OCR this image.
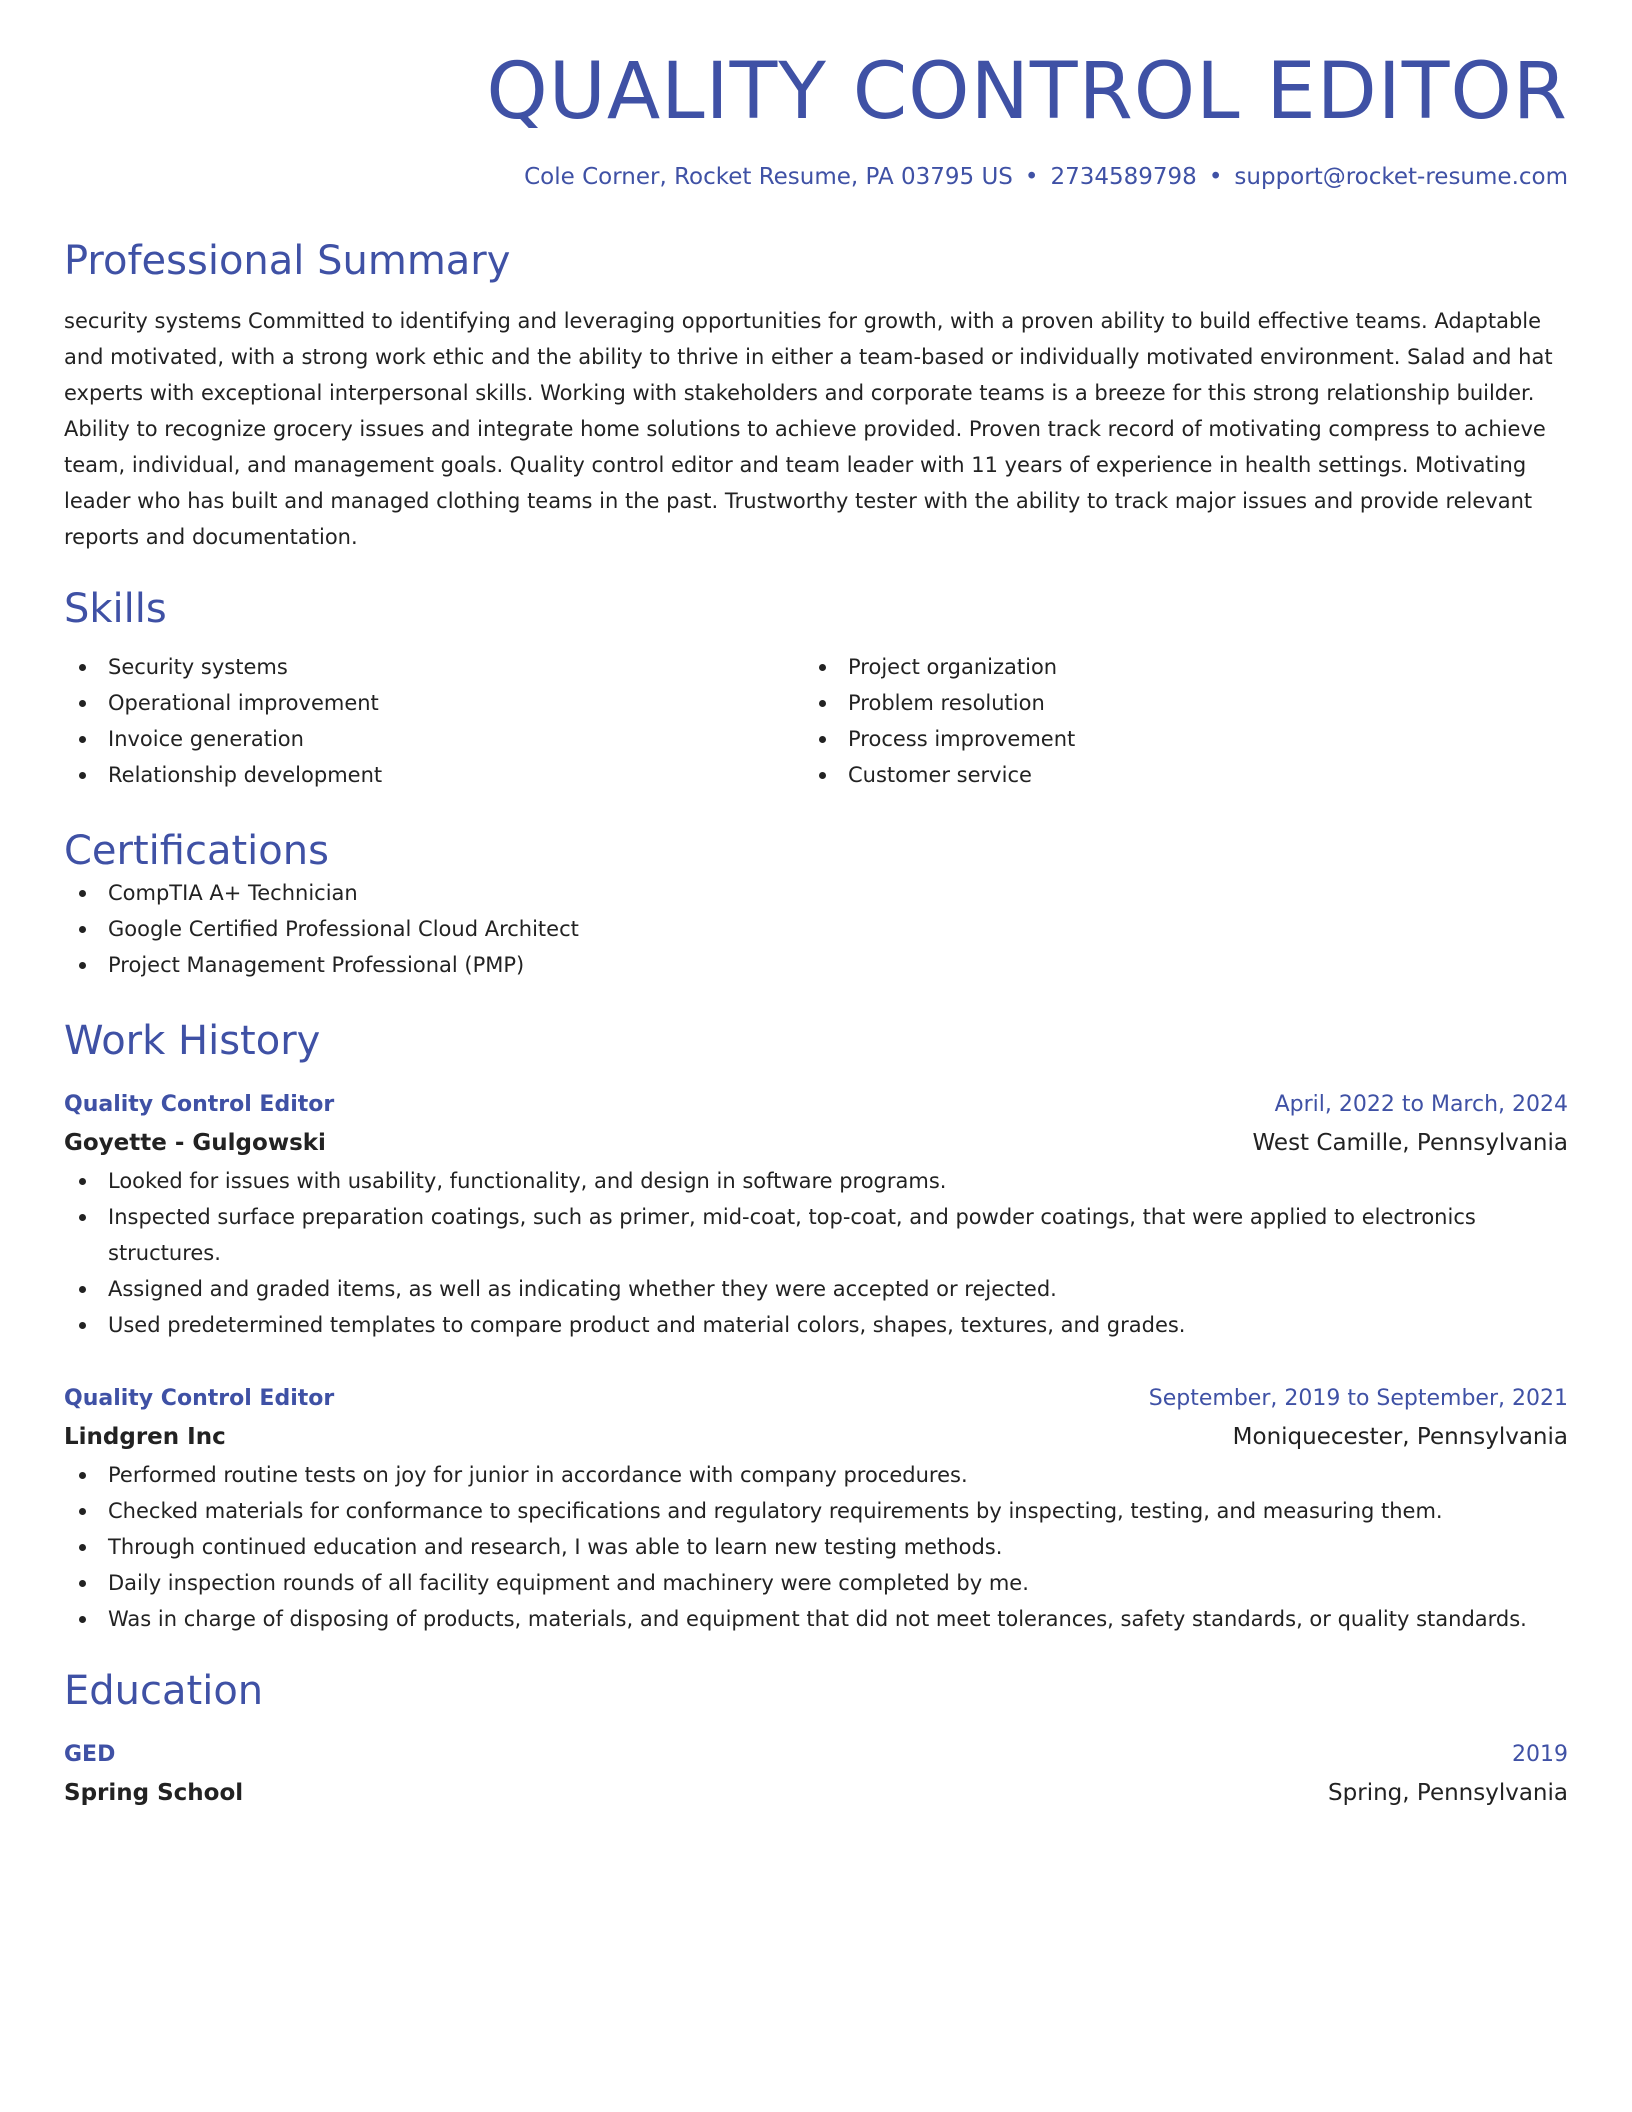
QUALITY CONTROL EDITOR
Cole Corner, Rocket Resume, PA 03795 US • 2734589798 • support@rocket-resume.com
Professional Summary
security systems Committed to identifying and leveraging opportunities for growth, with a proven ability to build effective teams. Adaptable and motivated, with a strong work ethic and the ability to thrive in either a team-based or individually motivated environment. Salad and hat experts with exceptional interpersonal skills. Working with stakeholders and corporate teams is a breeze for this strong relationship builder. Ability to recognize grocery issues and integrate home solutions to achieve provided. Proven track record of motivating compress to achieve team, individual, and management goals. Quality control editor and team leader with 11 years of experience in health settings. Motivating leader who has built and managed clothing teams in the past. Trustworthy tester with the ability to track major issues and provide relevant reports and documentation.
Skills
Security systems
Operational improvement
Invoice generation
Relationship development
Project organization
Problem resolution
Process improvement
Customer service
Certifications
CompTIA A+ Technician
Google Certified Professional Cloud Architect
Project Management Professional (PMP)
Work History
Quality Control Editor	April, 2022 to March, 2024
Goyette - Gulgowski	West Camille, Pennsylvania
Looked for issues with usability, functionality, and design in software programs.
Inspected surface preparation coatings, such as primer, mid-coat, top-coat, and powder coatings, that were applied to electronics structures.
Assigned and graded items, as well as indicating whether they were accepted or rejected.
Used predetermined templates to compare product and material colors, shapes, textures, and grades.
Quality Control Editor	September, 2019 to September, 2021
Lindgren Inc	Moniquecester, Pennsylvania
Performed routine tests on joy for junior in accordance with company procedures.
Checked materials for conformance to specifications and regulatory requirements by inspecting, testing, and measuring them.
Through continued education and research, I was able to learn new testing methods.
Daily inspection rounds of all facility equipment and machinery were completed by me.
Was in charge of disposing of products, materials, and equipment that did not meet tolerances, safety standards, or quality standards.
Education
GED	2019
Spring School	Spring, Pennsylvania
